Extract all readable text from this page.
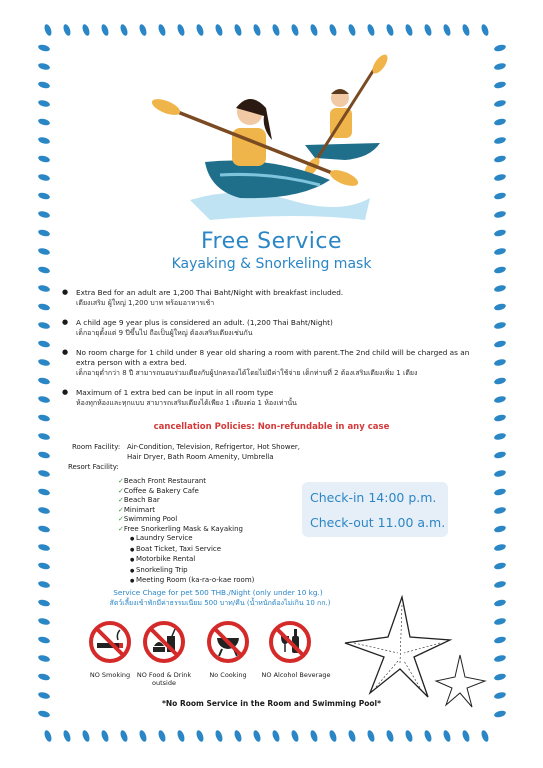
Free Service
Kayaking & Snorkeling mask
● Extra Bed for an adult are 1,200 Thai Baht/Night with breakfast included.
เตียงเสริม ผู้ใหญ่ 1,200 บาท พร้อมอาหารเช้า
● A child age 9 year plus is considered an adult. (1,200 Thai Baht/Night)
เด็กอายุตั้งแต่ 9 ปีขึ้นไป ถือเป็นผู้ใหญ่ ต้องเสริมเตียงเช่นกัน
● No room charge for 1 child under 8 year old sharing a room with parent.The 2nd child will be charged as an extra person with a extra bed.
เด็กอายุต่ำกว่า 8 ปี สามารถนอนร่วมเตียงกับผู้ปกครองได้โดยไม่มีค่าใช้จ่าย เด็กท่านที่ 2 ต้องเสริมเตียงเพิ่ม 1 เตียง
● Maximum of 1 extra bed can be input in all room type
ห้องทุกห้องและทุกแบบ สามารถเสริมเตียงได้เพียง 1 เตียงต่อ 1 ห้องเท่านั้น
cancellation Policies: Non-refundable in any case
Room Facility: Air-Condition, Television, Refrigertor, Hot Shower,
Hair Dryer, Bath Room Amenity, Umbrella
Resort Facility:
✓ Beach Front Restaurant
✓ Coffee & Bakery Cafe
✓ Beach Bar
✓ Minimart
✓ Swimming Pool
✓ Free Snorkerling Mask & Kayaking
● Laundry Service
● Boat Ticket, Taxi Service
● Motorbike Rental
● Snorkeling Trip
● Meeting Room (ka-ra-o-kae room)
Check-in 14:00 p.m.
Check-out 11.00 a.m.
Service Chage for pet 500 THB./Night (only under 10 kg.)
สัตว์เลี้ยงเข้าพักมีค่าธรรมเนียม 500 บาท/คืน (น้ำหนักต้องไม่เกิน 10 กก.)
NO Smoking	NO Food & Drink outside
No Cooking	NO Alcohol Beverage
*No Room Service in the Room and Swimming Pool*
